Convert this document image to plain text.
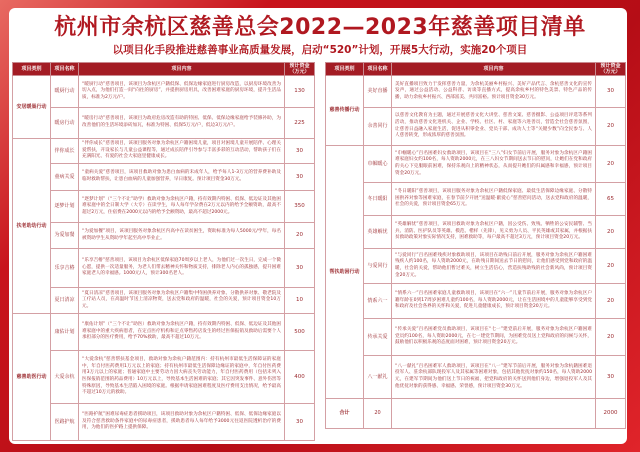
杭州市余杭区慈善总会2022—2023年慈善项目清单
以项目化手段推进慈善事业高质量发展，启动“520”计划，开展5大行动，实施20个项目
项目类别	项目名称	项目内容	预计资金（万元）
安居暖巢行动	暖厨行动	“暖厨行动”慈善项目，该项目为余杭区户籍低保、低保边缘家庭进行厨房改造，以厨房环境改善为切入点，为他们打造一间“向往的厨房”，并提供厨房用具，改善困难家庭的厨房环境，提升生活品质，标准为2万元/户。	130
	暖房行动	“暖房行动”慈善项目，该项目为政府危房改造有助的特困、低保、低保边缘家庭给予装修补助，为改善他们的生活环境添砖加瓦，标准为特困、低保5万元/户，低边3万元/户。	225
扶老助幼行动	伴你成长	“伴你成长”慈善项目，该项目服务对象为余杭区户籍困境儿童，项目对困境儿童开展陪伴、心理关爱帮扶，开设家长与儿童公益课程等，通过成长陪伴引导参与丰富多彩的互动活动，帮助孩子们在充满阳光、有爱的社会大家庭里健康成长。	30
	童病关爱	“童病关爱”慈善项目，该项目救助对象为患白血病的未成年人，给予每人1-3万元的营养费补助及临时救助帮扶，让患白血病的儿童加强营养，早日康复。预计项目资金30万元。	30
	逐梦计划	“逐梦计划”（“三个不让”助学）救助对象为余杭区户籍，持有效期内特困、低保、低边证及其他困难家庭中的全日制大学（大专）在读学生，每人每年学杂费在2万元以内的给予全额资助，最高不超过2万元，住宿费在2000元以内的给予全额资助，最高不超过2000元。	350
	为爱加餐	“为爱加餐”项目，该项目服务对象余杭区内高中在读贫困生，资助标准为每人5000元/学年，每名被资助学生从资助学年起至高中毕业止。	20
	乐享吉椿	“乐享吉椿”慈善项目，该项目为余杭区低保家庭70周岁以上老人，为他们过一次生日，完成一个微心愿，提供一次适量服务，为老人们带去精神关怀和物质支持，排除老人内心的孤独感，提升困难家庭老人的幸福感。1000元/人，预计300名老人。	30
	夏日清凉	“夏日清凉”慈善项目，该项目服务对象为余杭区户籍集中特困供养对象、分散供养对象、敬老院及工疗站人员，在高温时节送上清凉物资，送去党和政府的温暖，社会的关爱，预计项目资金10万元。	10
慈善助医行动	康佑计划	“康佑计划”（“三个不让”助医）救助对象为余杭区户籍，持有效期内特困、低保、低边证及其他困难家庭中的重大疾病患者，在定点医疗机构和定点零售药店发生的经过医保报销及救助后需要个人承担部分的医疗费用，给予70%救助，最高不超过10万元。	500
	大爱余杭	“大爱余杭”慈善帮扶基金项目，救助对象为余杭户籍范围内：持有杭州市最低生活保障证的家庭中，年自付医药费用1万元以上的家庭；持有杭州市最低生活保障边缘证的家庭中，年自付医药费用3万元以上的家庭；普通家庭中主要劳动力因大病丧失劳动能力，年自付医药费用（包括未列入医保报销范围的药品费用）10万元以上，导致基本生活困难的家庭；其它因突发事件、意外伤害等特殊原因，导致基本生活陷入困境的家庭。根据申请家庭困难程度及医疗费用支出情况，给予最高不超过10万元的救助。	400
	医路护航	“医路护航”困难尿毒症患者援助项目，该项目救助对象为余杭区户籍特困、低保、低保边缘家庭以及符合慈善救助条件家庭中的尿毒症患者，援助患者每人每年给予3000元往返医院透析治疗的费用，为他们的医护路上提供保障。	30
项目类别	项目名称	项目内容	预计资金（万元）
慈善传播行动	美好直播	美好直播项目致力于发挥慈善力量，为余杭美丽乡村振兴、美好产品代言、余杭慈善文化的宣传发声，通过公益活动、公益科普、访谈等直播方式，提高余杭乡村的特色美景、特色产品的传播，助力余杭乡村振兴、西部富美、共同富裕。预计项目资金30万元。	30
	余善同行	以慈善文化教育为主题，通过开展慈善文化大讲堂、慈善文案、慈善摄影、公益项目评选等系列活动，推动慈善文化进机关、企业、学校、社区、村、家庭等六进善员，营造全社会慈善氛围，让慈善日益融入家庭生活，促进从积零金业、党员干部、成功人士等“关键少数”向全民参与、人人慈善转变，形成浓厚的慈善氛围。	20
帮扶助困行动	巾帼暖心	“巾帼暖心”百名困难妇女救助项目，该项目在“三八”妇女节前后开展，服务对象为余杭区户籍困难家庭妇女约100名，每人资助2000元，在三八妇女节期间送去节日的慰问，让她们在党和政府的关心下克服眼前困难，保持乐观向上的精神状态，从而提升她们的归属感和幸福感，预计项目资金20万元。	20
	冬日暖阳	“冬日暖阳”慈善项目，该项目服务对象为余杭区户籍低保家庭、最低生活保障边缘家庭、分散特困供养对象等困难家庭，在春节前夕开展“送温暖·献爱心”慈善慰问活动，送去党和政府的温暖，社会的关爱，预计项目资金65万元。	65
	英雄解忧	“英雄解忧”慈善项目，该项目救助对象为余杭区户籍，因公受伤、致残、牺牲的公安民辅警、当兵、消防、医护队员等英雄、模范、楷样（先锋），见义勇为人员、平民英雄或其家属，并根据扶贫救助政策对象实际情况支持，困难救助等，每户最高不超过3万元，预计项目资金20万元。	20
	与爱同行	“与爱同行”百名困难残疾对象救助项目，该项目在助残日前后开展，服务对象为余杭区户籍困难残疾人约100名，每人资助2000元，在助残日期间送去节日的慰问，让他们感受到党和政府的温暖，社会的关爱，帮助他们暂过难关，树立生活信心，营造扶残助残的社会新风尚，预计项目资金20万元。	20
	情系六一	“情系六一”百名困难家庭儿童救助项目，该项目在“六一”儿童节前后开展，服务对象为余杭区户籍年龄在0到17周岁困难儿童约100名，每人资助2000元，让在生活困境中的儿童能够享受到党和政府及社会各界的关怀和关爱，促进儿童健康成长，预计项目资金20万元。	20
	传承关爱	“传承关爱”百名困难党员救助项目，该项目在“七一”建党前后开展，服务对象为余杭区户籍困难党员约100名，每人资助2000元，在七一建党节期间，为困难党员送上党和政府的问候与关怀，鼓励他们以积极乐观的态度面对困难，预计项目资金20万元。	20
	八一献礼	“八一献礼”百名困难军人救助项目，该项目在“八一”建军节前后开展，服务对象为余杭籍困难退役军人、驻余杭部队现役军人及其家属等困难对象，包括其他优抚对象约150名，每人资助2000元，在建军节期间为他们送上节日的祝福，把党和政府的关怀送到他们身边，增强退役军人及其他优抚对象的获得感、幸福感、荣誉感，预计项目资金30万元。	30
合计	20		2000
